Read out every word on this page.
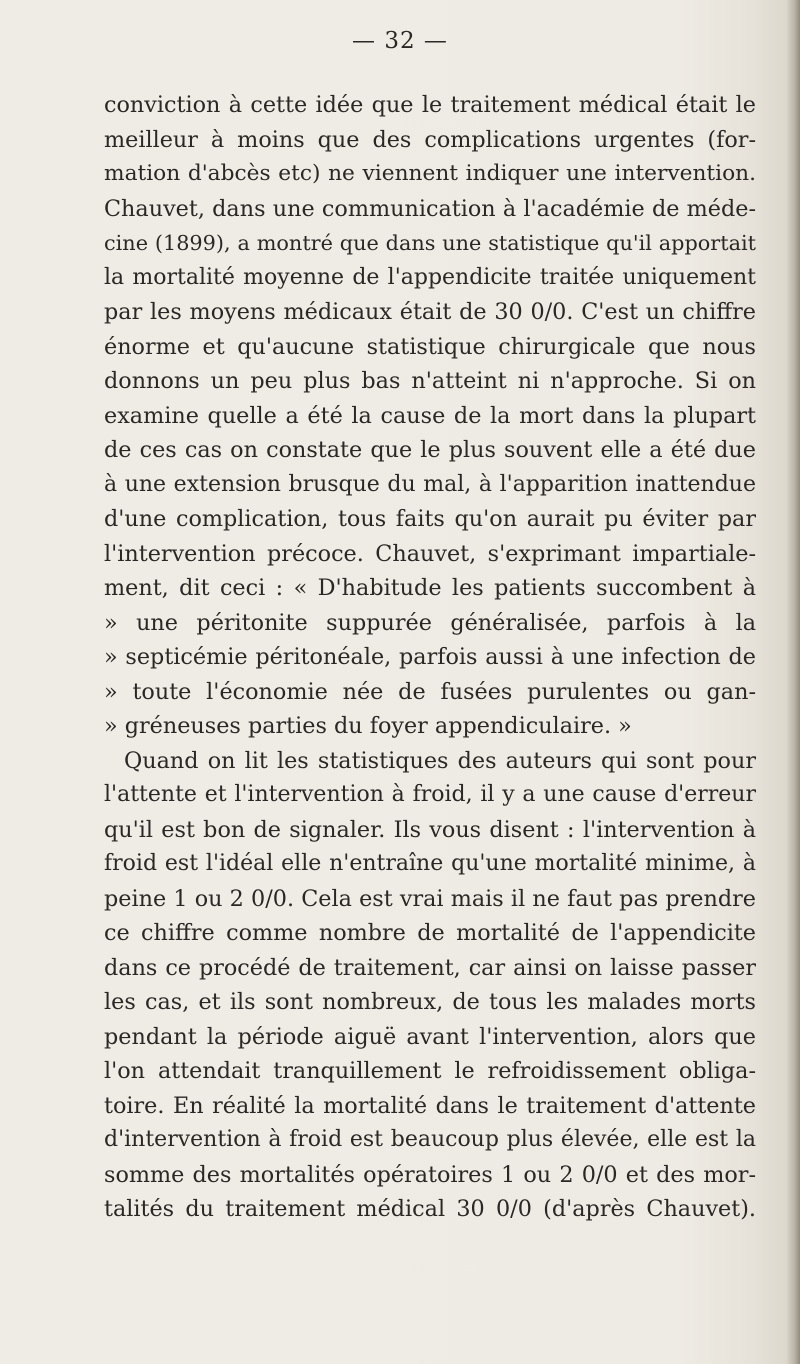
— 32 —
conviction à cette idée que le traitement médical était le
meilleur à moins que des complications urgentes (for-
mation d'abcès etc) ne viennent indiquer une intervention.
Chauvet, dans une communication à l'académie de méde-
cine (1899), a montré que dans une statistique qu'il apportait
la mortalité moyenne de l'appendicite traitée uniquement
par les moyens médicaux était de 30 0/0. C'est un chiffre
énorme et qu'aucune statistique chirurgicale que nous
donnons un peu plus bas n'atteint ni n'approche. Si on
examine quelle a été la cause de la mort dans la plupart
de ces cas on constate que le plus souvent elle a été due
à une extension brusque du mal, à l'apparition inattendue
d'une complication, tous faits qu'on aurait pu éviter par
l'intervention précoce. Chauvet, s'exprimant impartiale-
ment, dit ceci : « D'habitude les patients succombent à
» une péritonite suppurée généralisée, parfois à la
» septicémie péritonéale, parfois aussi à une infection de
» toute l'économie née de fusées purulentes ou gan-
» gréneuses parties du foyer appendiculaire. »
Quand on lit les statistiques des auteurs qui sont pour
l'attente et l'intervention à froid, il y a une cause d'erreur
qu'il est bon de signaler. Ils vous disent : l'intervention à
froid est l'idéal elle n'entraîne qu'une mortalité minime, à
peine 1 ou 2 0/0. Cela est vrai mais il ne faut pas prendre
ce chiffre comme nombre de mortalité de l'appendicite
dans ce procédé de traitement, car ainsi on laisse passer
les cas, et ils sont nombreux, de tous les malades morts
pendant la période aiguë avant l'intervention, alors que
l'on attendait tranquillement le refroidissement obliga-
toire. En réalité la mortalité dans le traitement d'attente
d'intervention à froid est beaucoup plus élevée, elle est la
somme des mortalités opératoires 1 ou 2 0/0 et des mor-
talités du traitement médical 30 0/0 (d'après Chauvet).
